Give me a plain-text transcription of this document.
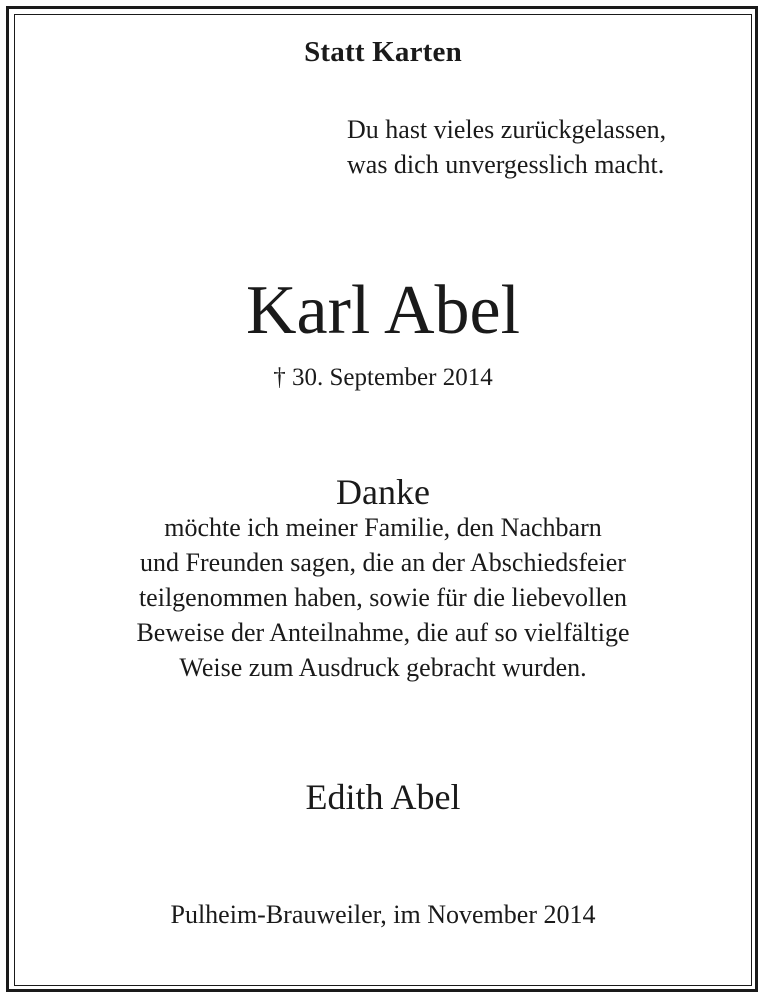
Statt Karten
Du hast vieles zurückgelassen,
was dich unvergesslich macht.
Karl Abel
† 30. September 2014
Danke
möchte ich meiner Familie, den Nachbarn
und Freunden sagen, die an der Abschiedsfeier
teilgenommen haben, sowie für die liebevollen
Beweise der Anteilnahme, die auf so vielfältige
Weise zum Ausdruck gebracht wurden.
Edith Abel
Pulheim-Brauweiler, im November 2014
